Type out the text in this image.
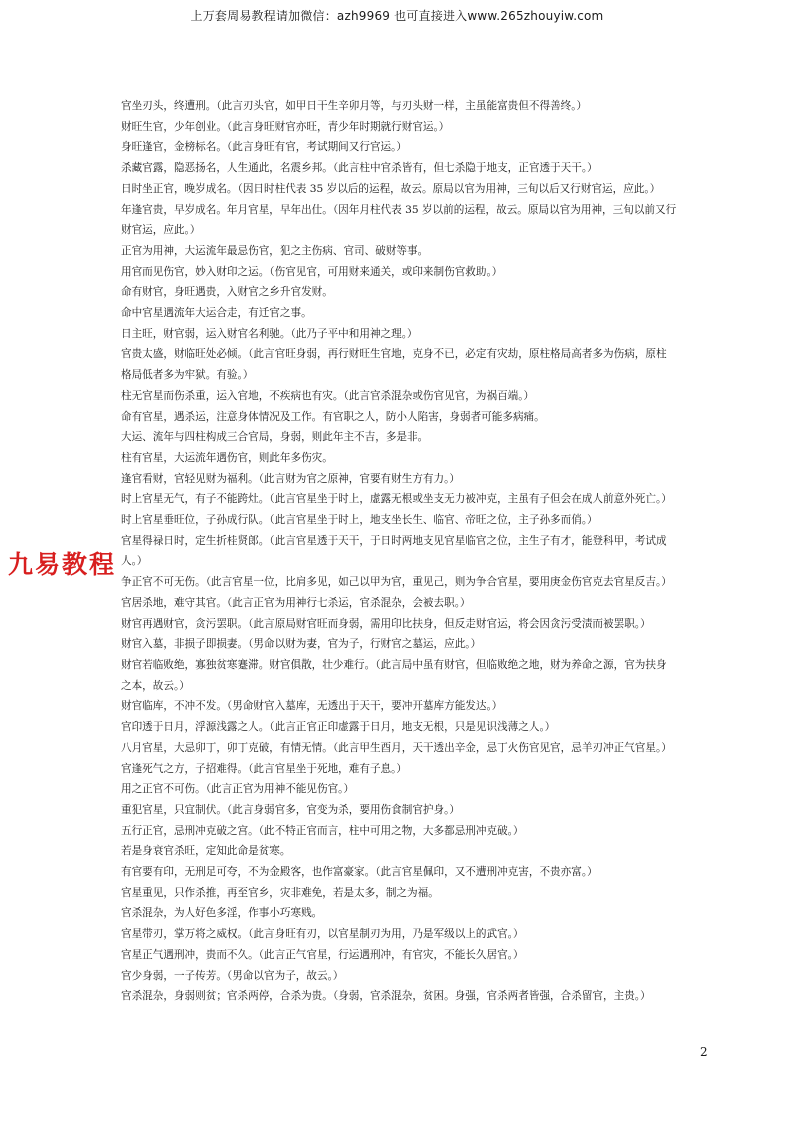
上万套周易教程请加微信：azh9969 也可直接进入www.265zhouyiw.com

官坐刃头，终遭刑。（此言刃头官，如甲日干生辛卯月等，与刃头财一样，主虽能富贵但不得善终。）

财旺生官，少年创业。（此言身旺财官亦旺，青少年时期就行财官运。）

身旺逢官，金榜标名。（此言身旺有官，考试期间又行官运。）

杀藏官露，隐恶扬名，人生通此，名震乡邦。（此言柱中官杀皆有，但七杀隐于地支，正官透于天干。）

日时坐正官，晚岁成名。（因日时柱代表 35 岁以后的运程，故云。原局以官为用神，三旬以后又行财官运，应此。）

年逢官贵，早岁成名。年月官星，早年出仕。（因年月柱代表 35 岁以前的运程，故云。原局以官为用神，三旬以前又行

财官运，应此。）

正官为用神，大运流年最忌伤官，犯之主伤病、官司、破财等事。

用官而见伤官，妙入财印之运。（伤官见官，可用财来通关，或印来制伤官救助。）

命有财官，身旺遇贵，入财官之乡升官发财。

命中官星遇流年大运合走，有迁官之事。

日主旺，财官弱，运入财官名利驰。（此乃子平中和用神之理。）

官贵太盛，财临旺处必倾。（此言官旺身弱，再行财旺生官地，克身不已，必定有灾劫，原柱格局高者多为伤病，原柱

格局低者多为牢狱。有验。）

柱无官星而伤杀重，运入官地，不疾病也有灾。（此言官杀混杂或伤官见官，为祸百端。）

命有官星，遇杀运，注意身体情况及工作。有官职之人，防小人陷害，身弱者可能多病痛。

大运、流年与四柱构成三合官局，身弱，则此年主不吉，多是非。

柱有官星，大运流年遇伤官，则此年多伤灾。

逢官看财，官轻见财为福利。（此言财为官之原神，官要有财生方有力。）

时上官星无气，有子不能跨灶。（此言官星坐于时上，虚露无根或坐支无力被冲克，主虽有子但会在成人前意外死亡。）

时上官星垂旺位，子孙成行队。（此言官星坐于时上，地支坐长生、临官、帝旺之位，主子孙多而俏。）

官星得禄日时，定生折桂贤郎。（此言官星透于天干，于日时两地支见官星临官之位，主生子有才，能登科甲，考试成

人。）

争正官不可无伤。（此言官星一位，比肩多见，如己以甲为官，重见己，则为争合官星，要用庚金伤官克去官星反吉。）

官居杀地，难守其官。（此言正官为用神行七杀运，官杀混杂，会被去职。）

财官再遇财官，贪污罢职。（此言原局财官旺而身弱，需用印比扶身，但反走财官运，将会因贪污受渍而被罢职。）

财官入墓，非损子即损妻。（男命以财为妻，官为子，行财官之墓运，应此。）

财官若临败绝，寡独贫寒蹇滞。财官俱散，壮少难行。（此言局中虽有财官，但临败绝之地，财为养命之源，官为扶身

之本，故云。）

财官临库，不冲不发。（男命财官入墓库，无透出于天干，要冲开墓库方能发达。）

官印透于日月，浮源浅露之人。（此言正官正印虚露于日月，地支无根，只是见识浅薄之人。）

八月官星，大忌卯丁，卯丁克破，有情无情。（此言甲生酉月，天干透出辛金，忌丁火伤官见官，忌羊刃冲正气官星。）

官逢死气之方，子招难得。（此言官星坐于死地，难有子息。）

用之正官不可伤。（此言正官为用神不能见伤官。）

重犯官星，只宜制伏。（此言身弱官多，官变为杀，要用伤食制官护身。）

五行正官，忌刑冲克破之宫。（此不特正官而言，柱中可用之物，大多都忌刑冲克破。）

若是身衰官杀旺，定知此命是贫寒。

有官要有印，无刑足可夸，不为金殿客，也作富豪家。（此言官星佩印，又不遭刑冲克害，不贵亦富。）

官星重见，只作杀推，再至官乡，灾非难免，若是太多，制之为福。

官杀混杂，为人好色多淫，作事小巧寒贱。

官星带刃，掌万将之威权。（此言身旺有刃，以官星制刃为用，乃是军级以上的武官。）

官星正气遇刑冲，贵而不久。（此言正气官星，行运遇刑冲，有官灾，不能长久居官。）

官少身弱，一子传芳。（男命以官为子，故云。）

官杀混杂，身弱则贫；官杀两停，合杀为贵。（身弱，官杀混杂，贫困。身强，官杀两者皆强，合杀留官，主贵。）

九易教程
2
